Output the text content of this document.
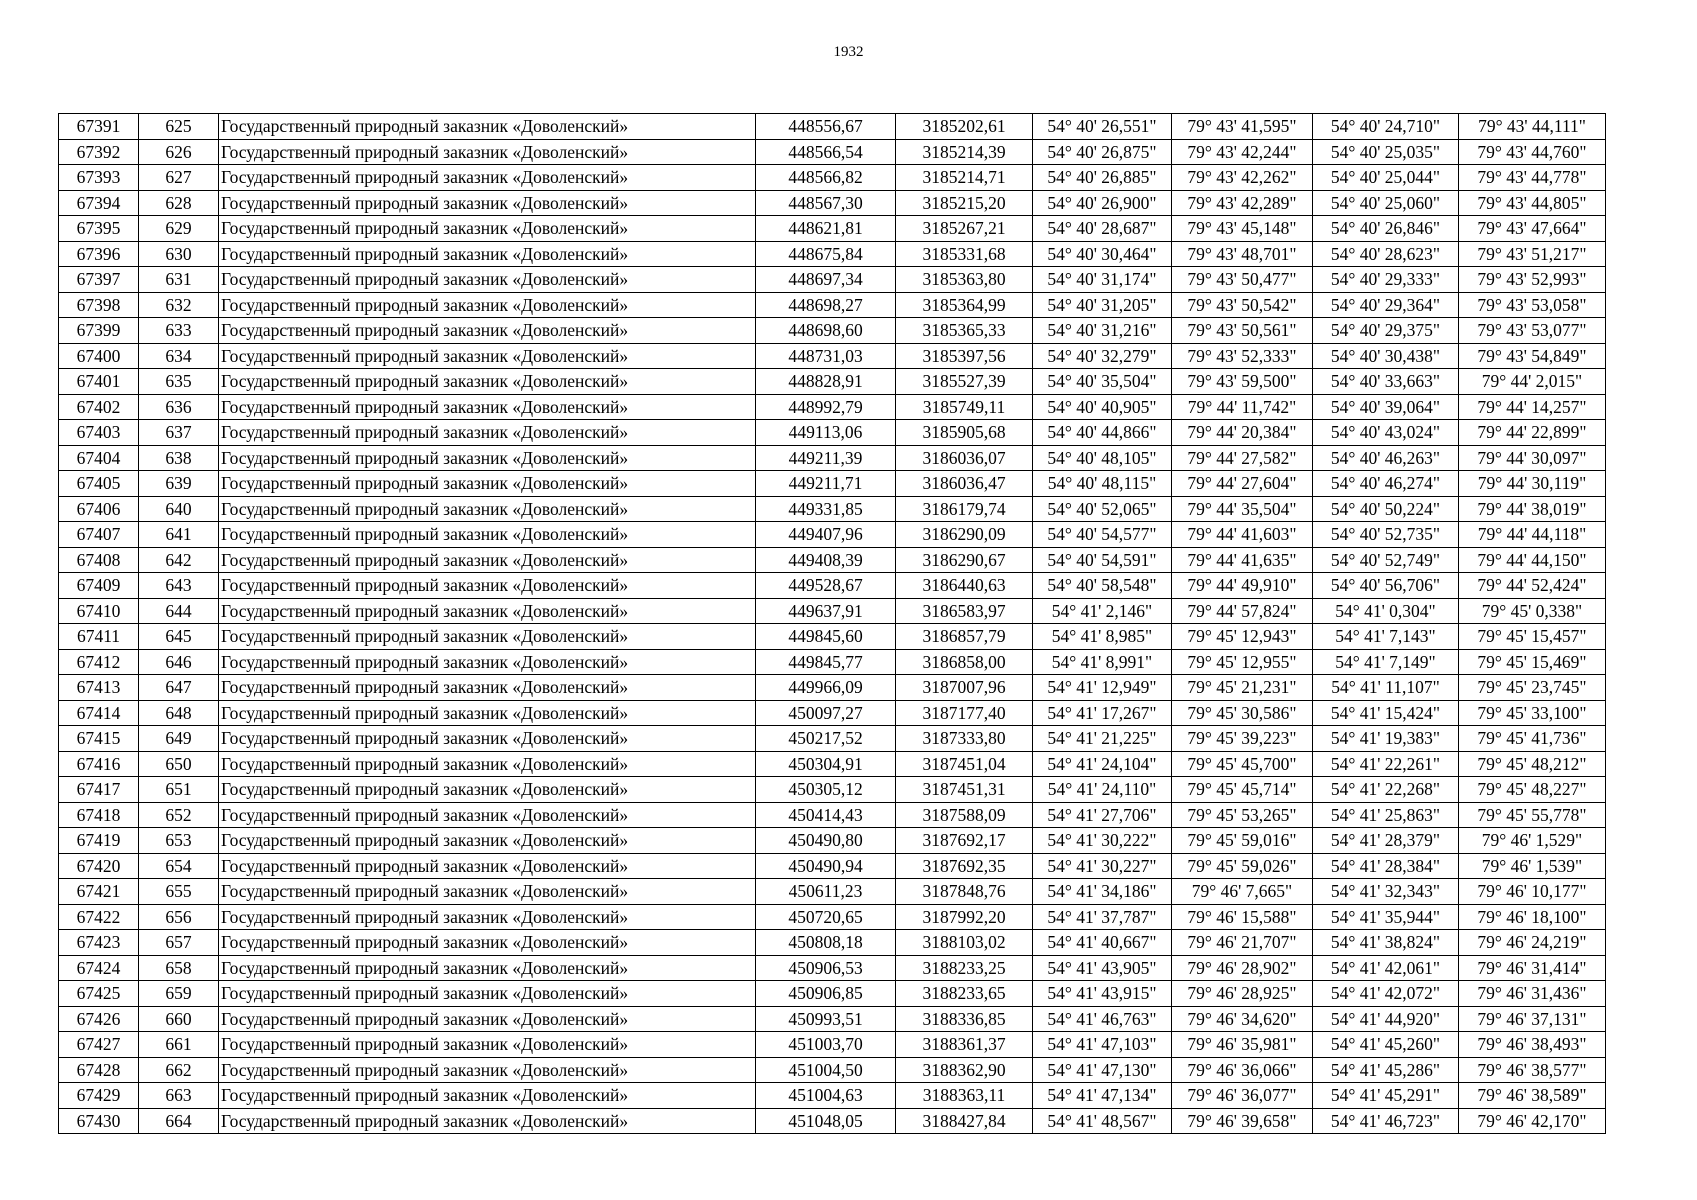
1932
67391	625	Государственный природный заказник «Доволенский»	448556,67	3185202,61	54° 40' 26,551"	79° 43' 41,595"	54° 40' 24,710"	79° 43' 44,111"
67392	626	Государственный природный заказник «Доволенский»	448566,54	3185214,39	54° 40' 26,875"	79° 43' 42,244"	54° 40' 25,035"	79° 43' 44,760"
67393	627	Государственный природный заказник «Доволенский»	448566,82	3185214,71	54° 40' 26,885"	79° 43' 42,262"	54° 40' 25,044"	79° 43' 44,778"
67394	628	Государственный природный заказник «Доволенский»	448567,30	3185215,20	54° 40' 26,900"	79° 43' 42,289"	54° 40' 25,060"	79° 43' 44,805"
67395	629	Государственный природный заказник «Доволенский»	448621,81	3185267,21	54° 40' 28,687"	79° 43' 45,148"	54° 40' 26,846"	79° 43' 47,664"
67396	630	Государственный природный заказник «Доволенский»	448675,84	3185331,68	54° 40' 30,464"	79° 43' 48,701"	54° 40' 28,623"	79° 43' 51,217"
67397	631	Государственный природный заказник «Доволенский»	448697,34	3185363,80	54° 40' 31,174"	79° 43' 50,477"	54° 40' 29,333"	79° 43' 52,993"
67398	632	Государственный природный заказник «Доволенский»	448698,27	3185364,99	54° 40' 31,205"	79° 43' 50,542"	54° 40' 29,364"	79° 43' 53,058"
67399	633	Государственный природный заказник «Доволенский»	448698,60	3185365,33	54° 40' 31,216"	79° 43' 50,561"	54° 40' 29,375"	79° 43' 53,077"
67400	634	Государственный природный заказник «Доволенский»	448731,03	3185397,56	54° 40' 32,279"	79° 43' 52,333"	54° 40' 30,438"	79° 43' 54,849"
67401	635	Государственный природный заказник «Доволенский»	448828,91	3185527,39	54° 40' 35,504"	79° 43' 59,500"	54° 40' 33,663"	79° 44' 2,015"
67402	636	Государственный природный заказник «Доволенский»	448992,79	3185749,11	54° 40' 40,905"	79° 44' 11,742"	54° 40' 39,064"	79° 44' 14,257"
67403	637	Государственный природный заказник «Доволенский»	449113,06	3185905,68	54° 40' 44,866"	79° 44' 20,384"	54° 40' 43,024"	79° 44' 22,899"
67404	638	Государственный природный заказник «Доволенский»	449211,39	3186036,07	54° 40' 48,105"	79° 44' 27,582"	54° 40' 46,263"	79° 44' 30,097"
67405	639	Государственный природный заказник «Доволенский»	449211,71	3186036,47	54° 40' 48,115"	79° 44' 27,604"	54° 40' 46,274"	79° 44' 30,119"
67406	640	Государственный природный заказник «Доволенский»	449331,85	3186179,74	54° 40' 52,065"	79° 44' 35,504"	54° 40' 50,224"	79° 44' 38,019"
67407	641	Государственный природный заказник «Доволенский»	449407,96	3186290,09	54° 40' 54,577"	79° 44' 41,603"	54° 40' 52,735"	79° 44' 44,118"
67408	642	Государственный природный заказник «Доволенский»	449408,39	3186290,67	54° 40' 54,591"	79° 44' 41,635"	54° 40' 52,749"	79° 44' 44,150"
67409	643	Государственный природный заказник «Доволенский»	449528,67	3186440,63	54° 40' 58,548"	79° 44' 49,910"	54° 40' 56,706"	79° 44' 52,424"
67410	644	Государственный природный заказник «Доволенский»	449637,91	3186583,97	54° 41' 2,146"	79° 44' 57,824"	54° 41' 0,304"	79° 45' 0,338"
67411	645	Государственный природный заказник «Доволенский»	449845,60	3186857,79	54° 41' 8,985"	79° 45' 12,943"	54° 41' 7,143"	79° 45' 15,457"
67412	646	Государственный природный заказник «Доволенский»	449845,77	3186858,00	54° 41' 8,991"	79° 45' 12,955"	54° 41' 7,149"	79° 45' 15,469"
67413	647	Государственный природный заказник «Доволенский»	449966,09	3187007,96	54° 41' 12,949"	79° 45' 21,231"	54° 41' 11,107"	79° 45' 23,745"
67414	648	Государственный природный заказник «Доволенский»	450097,27	3187177,40	54° 41' 17,267"	79° 45' 30,586"	54° 41' 15,424"	79° 45' 33,100"
67415	649	Государственный природный заказник «Доволенский»	450217,52	3187333,80	54° 41' 21,225"	79° 45' 39,223"	54° 41' 19,383"	79° 45' 41,736"
67416	650	Государственный природный заказник «Доволенский»	450304,91	3187451,04	54° 41' 24,104"	79° 45' 45,700"	54° 41' 22,261"	79° 45' 48,212"
67417	651	Государственный природный заказник «Доволенский»	450305,12	3187451,31	54° 41' 24,110"	79° 45' 45,714"	54° 41' 22,268"	79° 45' 48,227"
67418	652	Государственный природный заказник «Доволенский»	450414,43	3187588,09	54° 41' 27,706"	79° 45' 53,265"	54° 41' 25,863"	79° 45' 55,778"
67419	653	Государственный природный заказник «Доволенский»	450490,80	3187692,17	54° 41' 30,222"	79° 45' 59,016"	54° 41' 28,379"	79° 46' 1,529"
67420	654	Государственный природный заказник «Доволенский»	450490,94	3187692,35	54° 41' 30,227"	79° 45' 59,026"	54° 41' 28,384"	79° 46' 1,539"
67421	655	Государственный природный заказник «Доволенский»	450611,23	3187848,76	54° 41' 34,186"	79° 46' 7,665"	54° 41' 32,343"	79° 46' 10,177"
67422	656	Государственный природный заказник «Доволенский»	450720,65	3187992,20	54° 41' 37,787"	79° 46' 15,588"	54° 41' 35,944"	79° 46' 18,100"
67423	657	Государственный природный заказник «Доволенский»	450808,18	3188103,02	54° 41' 40,667"	79° 46' 21,707"	54° 41' 38,824"	79° 46' 24,219"
67424	658	Государственный природный заказник «Доволенский»	450906,53	3188233,25	54° 41' 43,905"	79° 46' 28,902"	54° 41' 42,061"	79° 46' 31,414"
67425	659	Государственный природный заказник «Доволенский»	450906,85	3188233,65	54° 41' 43,915"	79° 46' 28,925"	54° 41' 42,072"	79° 46' 31,436"
67426	660	Государственный природный заказник «Доволенский»	450993,51	3188336,85	54° 41' 46,763"	79° 46' 34,620"	54° 41' 44,920"	79° 46' 37,131"
67427	661	Государственный природный заказник «Доволенский»	451003,70	3188361,37	54° 41' 47,103"	79° 46' 35,981"	54° 41' 45,260"	79° 46' 38,493"
67428	662	Государственный природный заказник «Доволенский»	451004,50	3188362,90	54° 41' 47,130"	79° 46' 36,066"	54° 41' 45,286"	79° 46' 38,577"
67429	663	Государственный природный заказник «Доволенский»	451004,63	3188363,11	54° 41' 47,134"	79° 46' 36,077"	54° 41' 45,291"	79° 46' 38,589"
67430	664	Государственный природный заказник «Доволенский»	451048,05	3188427,84	54° 41' 48,567"	79° 46' 39,658"	54° 41' 46,723"	79° 46' 42,170"
